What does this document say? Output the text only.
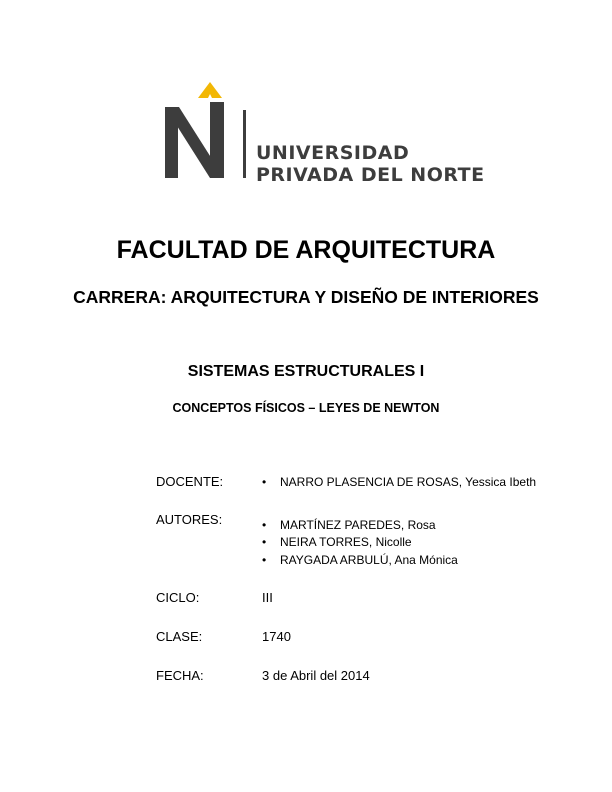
UNIVERSIDAD
PRIVADA DEL NORTE
FACULTAD DE ARQUITECTURA
CARRERA: ARQUITECTURA Y DISEÑO DE INTERIORES
SISTEMAS ESTRUCTURALES I
CONCEPTOS FÍSICOS – LEYES DE NEWTON
DOCENTE:	• NARRO PLASENCIA DE ROSAS, Yessica Ibeth
AUTORES:	• MARTÍNEZ PAREDES, Rosa
• NEIRA TORRES, Nicolle
• RAYGADA ARBULÚ, Ana Mónica
CICLO:	III
CLASE:	1740
FECHA:	3 de Abril del 2014
